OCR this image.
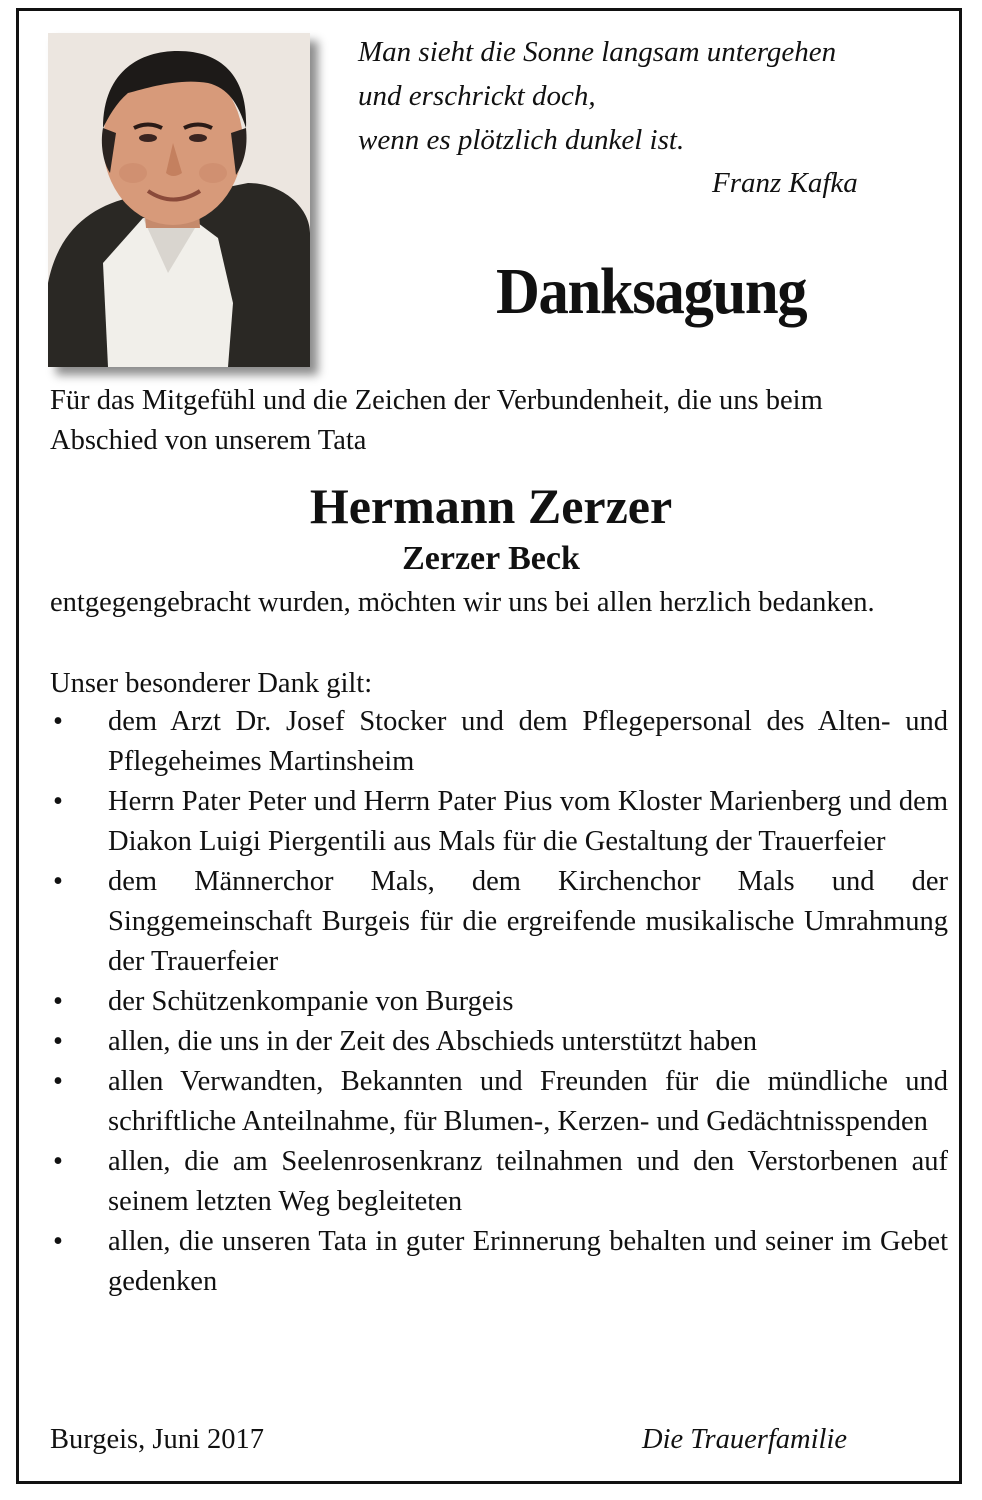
Man sieht die Sonne langsam untergehen
und erschrickt doch,
wenn es plötzlich dunkel ist.
Franz Kafka
Danksagung
Für das Mitgefühl und die Zeichen der Verbundenheit, die uns beim
Abschied von unserem Tata
Hermann Zerzer
Zerzer Beck

entgegengebracht wurden, möchten wir uns bei allen herzlich bedanken.

Unser besonderer Dank gilt:
• dem Arzt Dr. Josef Stocker und dem Pflegepersonal des Alten- und Pflegeheimes Martinsheim
• Herrn Pater Peter und Herrn Pater Pius vom Kloster Marienberg und dem Diakon Luigi Piergentili aus Mals für die Gestaltung der Trauerfeier
• dem Männerchor Mals, dem Kirchenchor Mals und der Singgemeinschaft Burgeis für die ergreifende musikalische Umrahmung der Trauerfeier
• der Schützenkompanie von Burgeis
• allen, die uns in der Zeit des Abschieds unterstützt haben
• allen Verwandten, Bekannten und Freunden für die mündliche und schriftliche Anteilnahme, für Blumen-, Kerzen- und Gedächtnisspenden
• allen, die am Seelenrosenkranz teilnahmen und den Verstorbenen auf seinem letzten Weg begleiteten
• allen, die unseren Tata in guter Erinnerung behalten und seiner im Gebet gedenken
Burgeis, Juni 2017	Die Trauerfamilie
